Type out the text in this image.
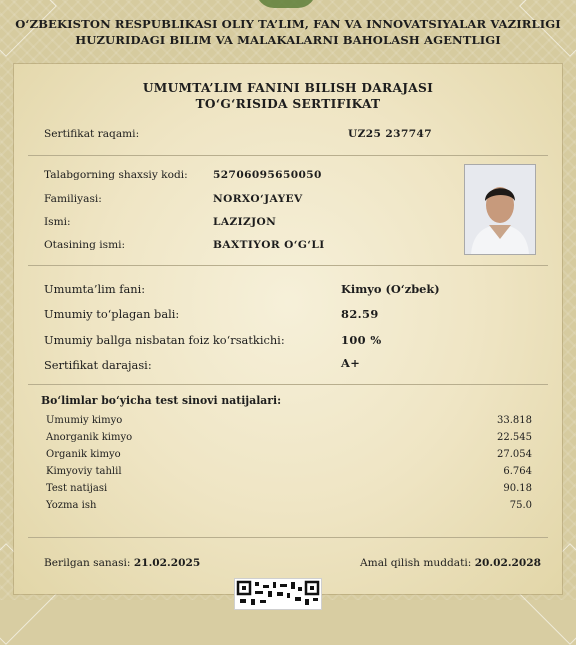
O‘ZBEKISTON RESPUBLIKASI OLIY TA’LIM, FAN VA INNOVATSIYALAR VAZIRLIGI
HUZURIDAGI BILIM VA MALAKALARNI BAHOLASH AGENTLIGI
UMUMTA’LIM FANINI BILISH DARAJASI
TO‘G‘RISIDA SERTIFIKAT
Sertifikat raqami:	UZ25 237747
Talabgorning shaxsiy kodi: 52706095650050
Familiyasi:	NORXO‘JAYEV
Ismi:	LAZIZJON
Otasining ismi:	BAXTIYOR O‘G‘LI
Umumta’lim fani:	Kimyo (O‘zbek)
Umumiy to‘plagan bali:	82.59
Umumiy ballga nisbatan foiz ko‘rsatkichi:	100 %
Sertifikat darajasi:	A+
Bo‘limlar bo‘yicha test sinovi natijalari:
Umumiy kimyo	33.818
Anorganik kimyo	22.545
Organik kimyo	27.054
Kimyoviy tahlil	6.764
Test natijasi	90.18
Yozma ish	75.0
Berilgan sanasi: 21.02.2025	Amal qilish muddati: 20.02.2028
